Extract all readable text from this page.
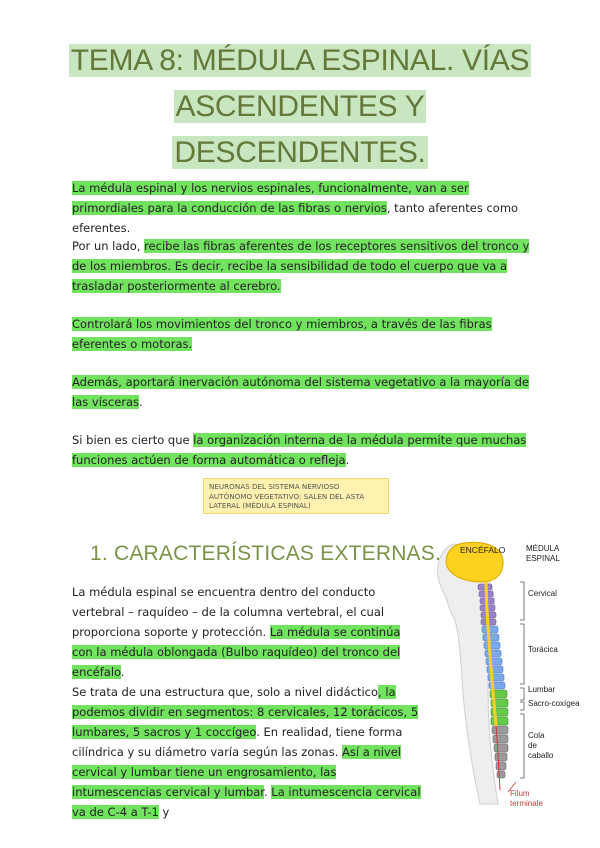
TEMA 8: MÉDULA ESPINAL. VÍAS ASCENDENTES Y DESCENDENTES.
La médula espinal y los nervios espinales, funcionalmente, van a ser primordiales para la conducción de las fibras o nervios, tanto aferentes como eferentes.
Por un lado, recibe las fibras aferentes de los receptores sensitivos del tronco y de los miembros. Es decir, recibe la sensibilidad de todo el cuerpo que va a trasladar posteriormente al cerebro.
Controlará los movimientos del tronco y miembros, a través de las fibras eferentes o motoras.
Además, aportará inervación autónoma del sistema vegetativo a la mayoría de las vísceras.
Si bien es cierto que la organización interna de la médula permite que muchas funciones actúen de forma automática o refleja.
NEURONAS DEL SISTEMA NERVIOSO AUTÓNOMO VEGETATIVO: SALEN DEL ASTA LATERAL (MÉDULA ESPINAL)
1. CARACTERÍSTICAS EXTERNAS.
La médula espinal se encuentra dentro del conducto vertebral – raquídeo – de la columna vertebral, el cual proporciona soporte y protección. La médula se continúa con la médula oblongada (Bulbo raquídeo) del tronco del encéfalo.
Se trata de una estructura que, solo a nivel didáctico, la podemos dividir en segmentos: 8 cervicales, 12 torácicos, 5 lumbares, 5 sacros y 1 coccígeo. En realidad, tiene forma cilíndrica y su diámetro varía según las zonas. Así a nivel cervical y lumbar tiene un engrosamiento, las intumescencias cervical y lumbar. La intumescencia cervical va de C-4 a T-1 y
ENCÉFALO	MÉDULA
ESPINAL
Cervical
Torácica
Lumbar
Sacro-coxígea
Cola
de
caballo
Filum
terminale
